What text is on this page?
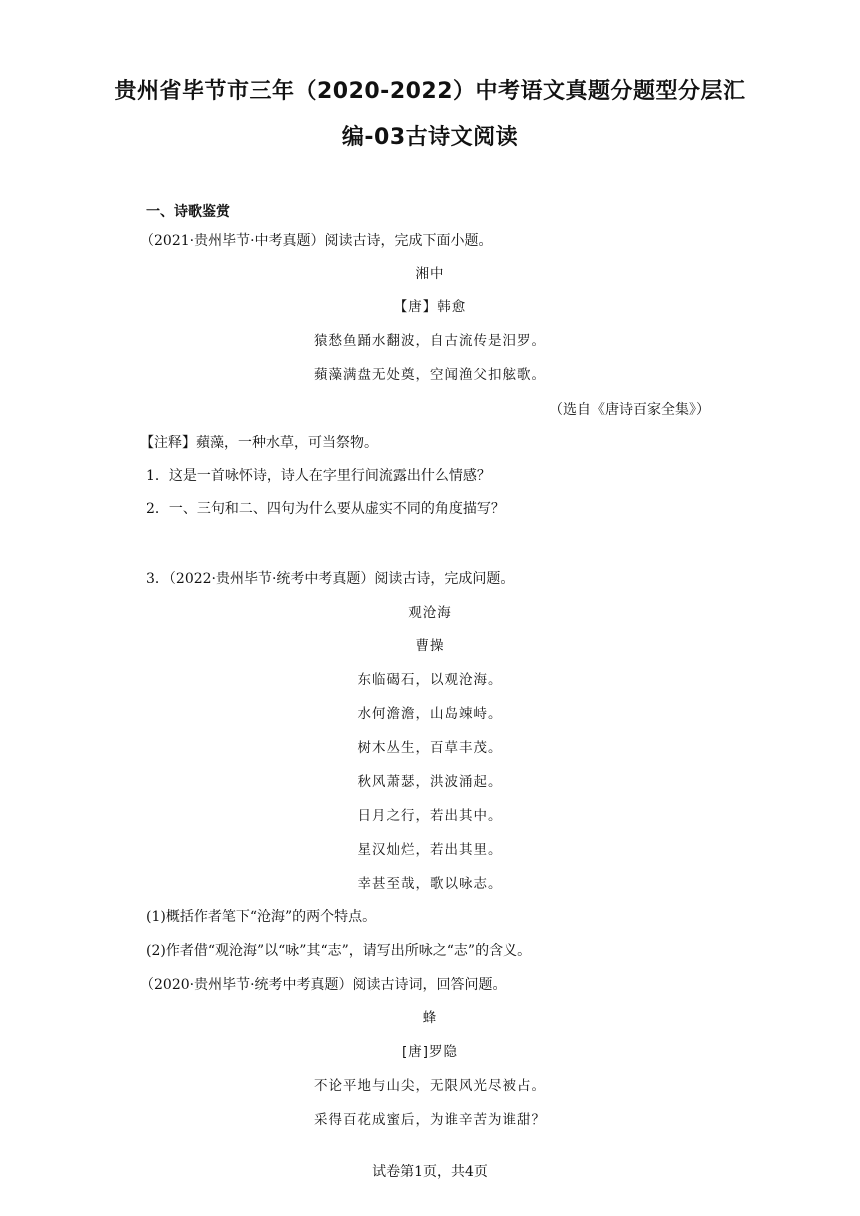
贵州省毕节市三年（2020-2022）中考语文真题分题型分层汇
编-03古诗文阅读
一、诗歌鉴赏
（2021·贵州毕节·中考真题）阅读古诗，完成下面小题。
湘中
【唐】韩愈
猿愁鱼踊水翻波，自古流传是汨罗。
蘋藻满盘无处奠，空闻渔父扣舷歌。
（选自《唐诗百家全集》）
【注释】蘋藻，一种水草，可当祭物。
1．这是一首咏怀诗，诗人在字里行间流露出什么情感？
2．一、三句和二、四句为什么要从虚实不同的角度描写？
3．（2022·贵州毕节·统考中考真题）阅读古诗，完成问题。
观沧海
曹操
东临碣石，以观沧海。
水何澹澹，山岛竦峙。
树木丛生，百草丰茂。
秋风萧瑟，洪波涌起。
日月之行，若出其中。
星汉灿烂，若出其里。
幸甚至哉，歌以咏志。
(1)概括作者笔下“沧海”的两个特点。
(2)作者借“观沧海”以“咏”其“志”，请写出所咏之“志”的含义。
（2020·贵州毕节·统考中考真题）阅读古诗词，回答问题。
蜂
[唐]罗隐
不论平地与山尖，无限风光尽被占。
采得百花成蜜后，为谁辛苦为谁甜？
试卷第1页，共4页
